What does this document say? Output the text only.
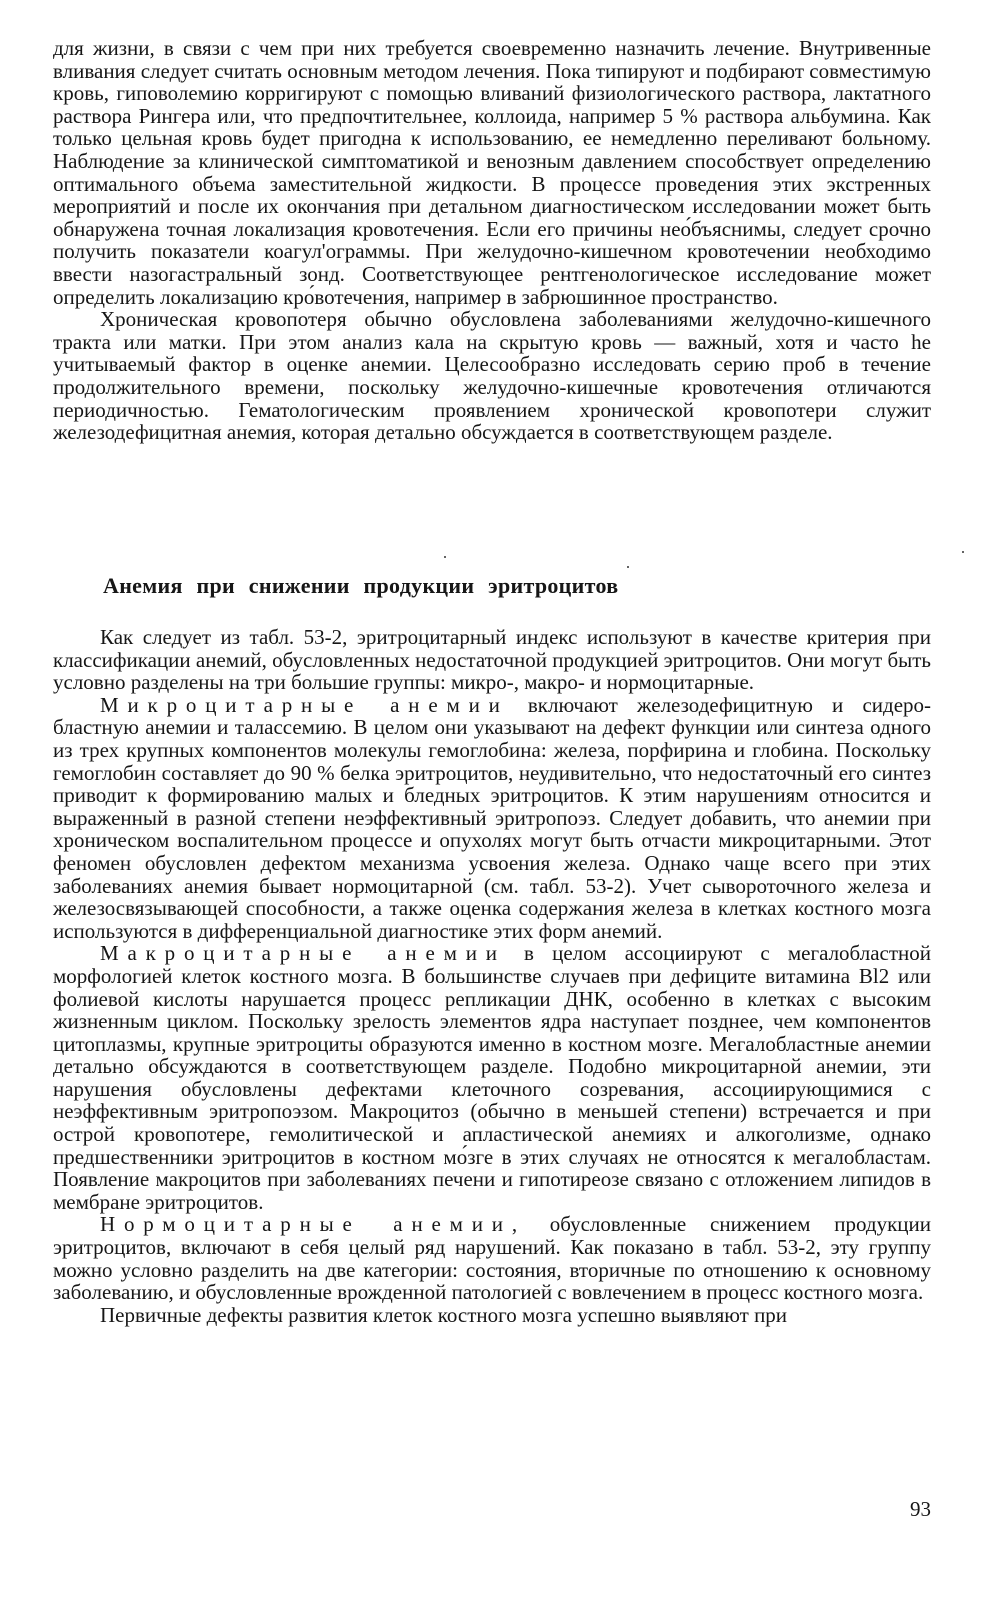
для жизни, в связи с чем при них требуется своевременно назначить лечение. Внутривенные вливания следует считать основным методом лечения. Пока типируют и подбирают совместимую кровь, гиповолемию корригируют с помощью вливаний физиологического раствора, лактатного раствора Рингера или, что предпочтительнее, коллоида, например 5 % раствора альбумина. Как только цельная кровь будет пригодна к использованию, ее немедленно переливают больному. Наблюдение за клинической симптоматикой и венозным давлением способствует определению оптимального объема заместительной жидкости. В процессе проведения этих экстренных мероприятий и после их окончания при детальном диагностическом исследовании может быть обнаружена точная локализация кровотечения. Если его причины нео́бъяснимы, следует срочно получить показатели коагул'ограммы. При желудочно-кишечном кровотечении необходимо ввести назогастральный зонд. Соответствующее рентгенологическое исследование может определить локализацию кро́вотечения, например в забрюшинное пространство.

Хроническая кровопотеря обычно обусловлена заболеваниями желудочно-кишечного тракта или матки. При этом анализ кала на скрытую кровь — важный, хотя и часто he учитываемый фактор в оценке анемии. Целесообразно исследовать серию проб в течение продолжительного времени, поскольку желудочно-кишечные кровотечения отличаются периодичностью. Гематологическим проявлением хронической кровопотери служит железодефицитная анемия, которая детально обсуждается в соответствующем разделе.

Анемия при снижении продукции эритроцитов

Как следует из табл. 53-2, эритроцитарный индекс используют в качестве критерия при классификации анемий, обусловленных недостаточной продукцией эритроцитов. Они могут быть условно разделены на три большие группы: микро-, макро- и нормоцитарные.

Микроцитарные анемии включают железодефицитную и сидеробластную анемии и талассемию. В целом они указывают на дефект функции или синтеза одного из трех крупных компонентов молекулы гемоглобина: железа, порфирина и глобина. Поскольку гемоглобин составляет до 90 % белка эритроцитов, неудивительно, что недостаточный его синтез приводит к формированию малых и бледных эритроцитов. К этим нарушениям относится и выраженный в разной степени неэффективный эритропоэз. Следует добавить, что анемии при хроническом воспалительном процессе и опухолях могут быть отчасти микроцитарными. Этот феномен обусловлен дефектом механизма усвоения железа. Однако чаще всего при этих заболеваниях анемия бывает нормоцитарной (см. табл. 53-2). Учет сывороточного железа и железосвязывающей способности, а также оценка содержания железа в клетках костного мозга используются в дифференциальной диагностике этих форм анемий.

Макроцитарные анемии в целом ассоциируют с мегалобластной морфологией клеток костного мозга. В большинстве случаев при дефиците витамина Bl2 или фолиевой кислоты нарушается процесс репликации ДНК, особенно в клетках с высоким жизненным циклом. Поскольку зрелость элементов ядра наступает позднее, чем компонентов цитоплазмы, крупные эритроциты образуются именно в костном мозге. Мегалобластные анемии детально обсуждаются в соответствующем разделе. Подобно микроцитарной анемии, эти нарушения обусловлены дефектами клеточного созревания, ассоциирующимися с неэффективным эритропоэзом. Макроцитоз (обычно в меньшей степени) встречается и при острой кровопотере, гемолитической и апластической анемиях и алкоголизме, однако предшественники эритроцитов в костном мо́зге в этих случаях не относятся к мегалобластам. Появление макроцитов при заболеваниях печени и гипотиреозе связано с отложением липидов в мембране эритроцитов.

Нормоцитарные анемии, обусловленные снижением продукции эритроцитов, включают в себя целый ряд нарушений. Как показано в табл. 53-2, эту группу можно условно разделить на две категории: состояния, вторичные по отношению к основному заболеванию, и обусловленные врожденной патологией с вовлечением в процесс костного мозга.

Первичные дефекты развития клеток костного мозга успешно выявляют при

93
